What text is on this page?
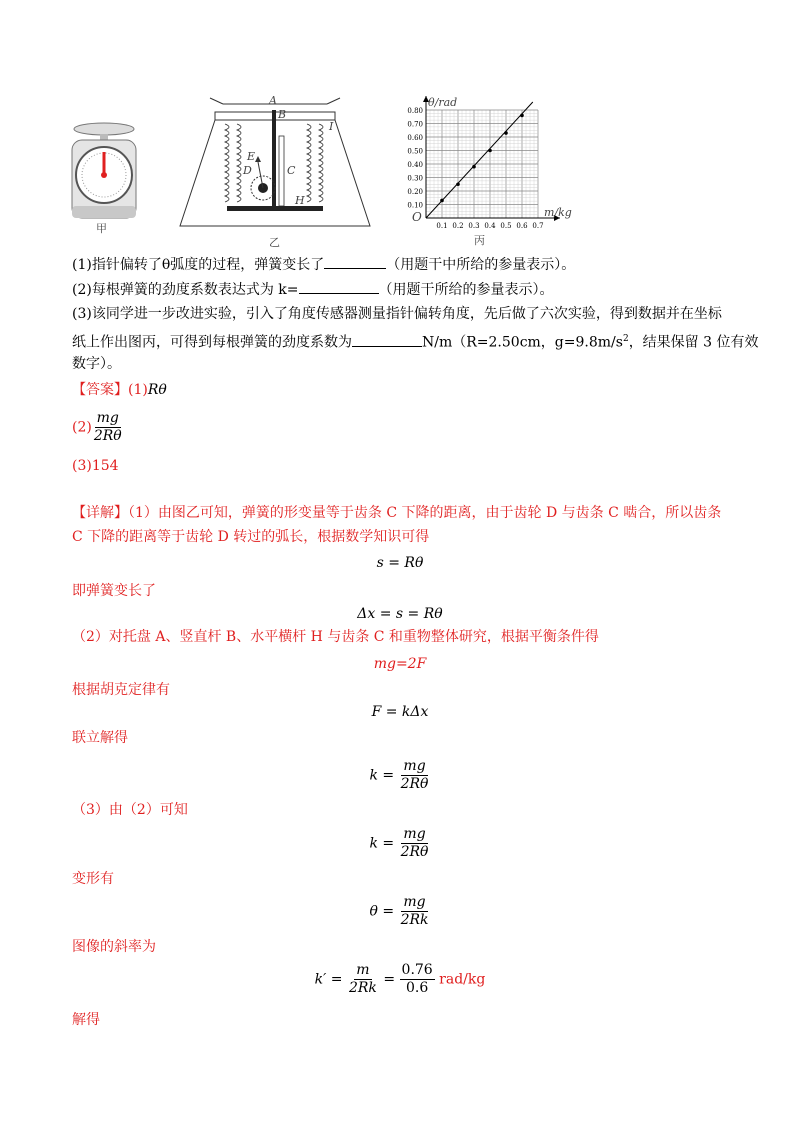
甲
A
B
I
E
D	C
H
乙
0.10
0.20
0.30
0.40
0.50
0.60
0.70
0.80
0.1 0.2 0.3 0.4 0.5 0.6 0.7
θ/rad
m/kg
O
丙
(1)指针偏转了θ弧度的过程，弹簧变长了	（用题干中所给的参量表示）。
(2)每根弹簧的劲度系数表达式为 k=	（用题干所给的参量表示）。
(3)该同学进一步改进实验，引入了角度传感器测量指针偏转角度，先后做了六次实验，得到数据并在坐标
纸上作出图丙，可得到每根弹簧的劲度系数为	N/m（R=2.50cm，$g=9.8m/s^2$，结果保留 3 位有效
数字）。
【答案】(1)Rθ
$(2) \frac{mg}{2R\theta}$
(3)154
【详解】（1）由图乙可知，弹簧的形变量等于齿条 C 下降的距离，由于齿轮 D 与齿条 C 啮合，所以齿条
C 下降的距离等于齿轮 D 转过的弧长，根据数学知识可得
s = Rθ
即弹簧变长了
Δx = s = Rθ
（2）对托盘 A、竖直杆 B、水平横杆 H 与齿条 C 和重物整体研究，根据平衡条件得
mg=2F
根据胡克定律有
F = kΔx
联立解得
$k = \frac{mg}{2R\theta}$
（3）由（2）可知
$k = \frac{mg}{2R\theta}$
变形有
$\theta = \frac{mg}{2Rk}$
图像的斜率为
$k' = \frac{m}{2Rk} = \frac{0.76}{0.6} rad/kg$
解得
